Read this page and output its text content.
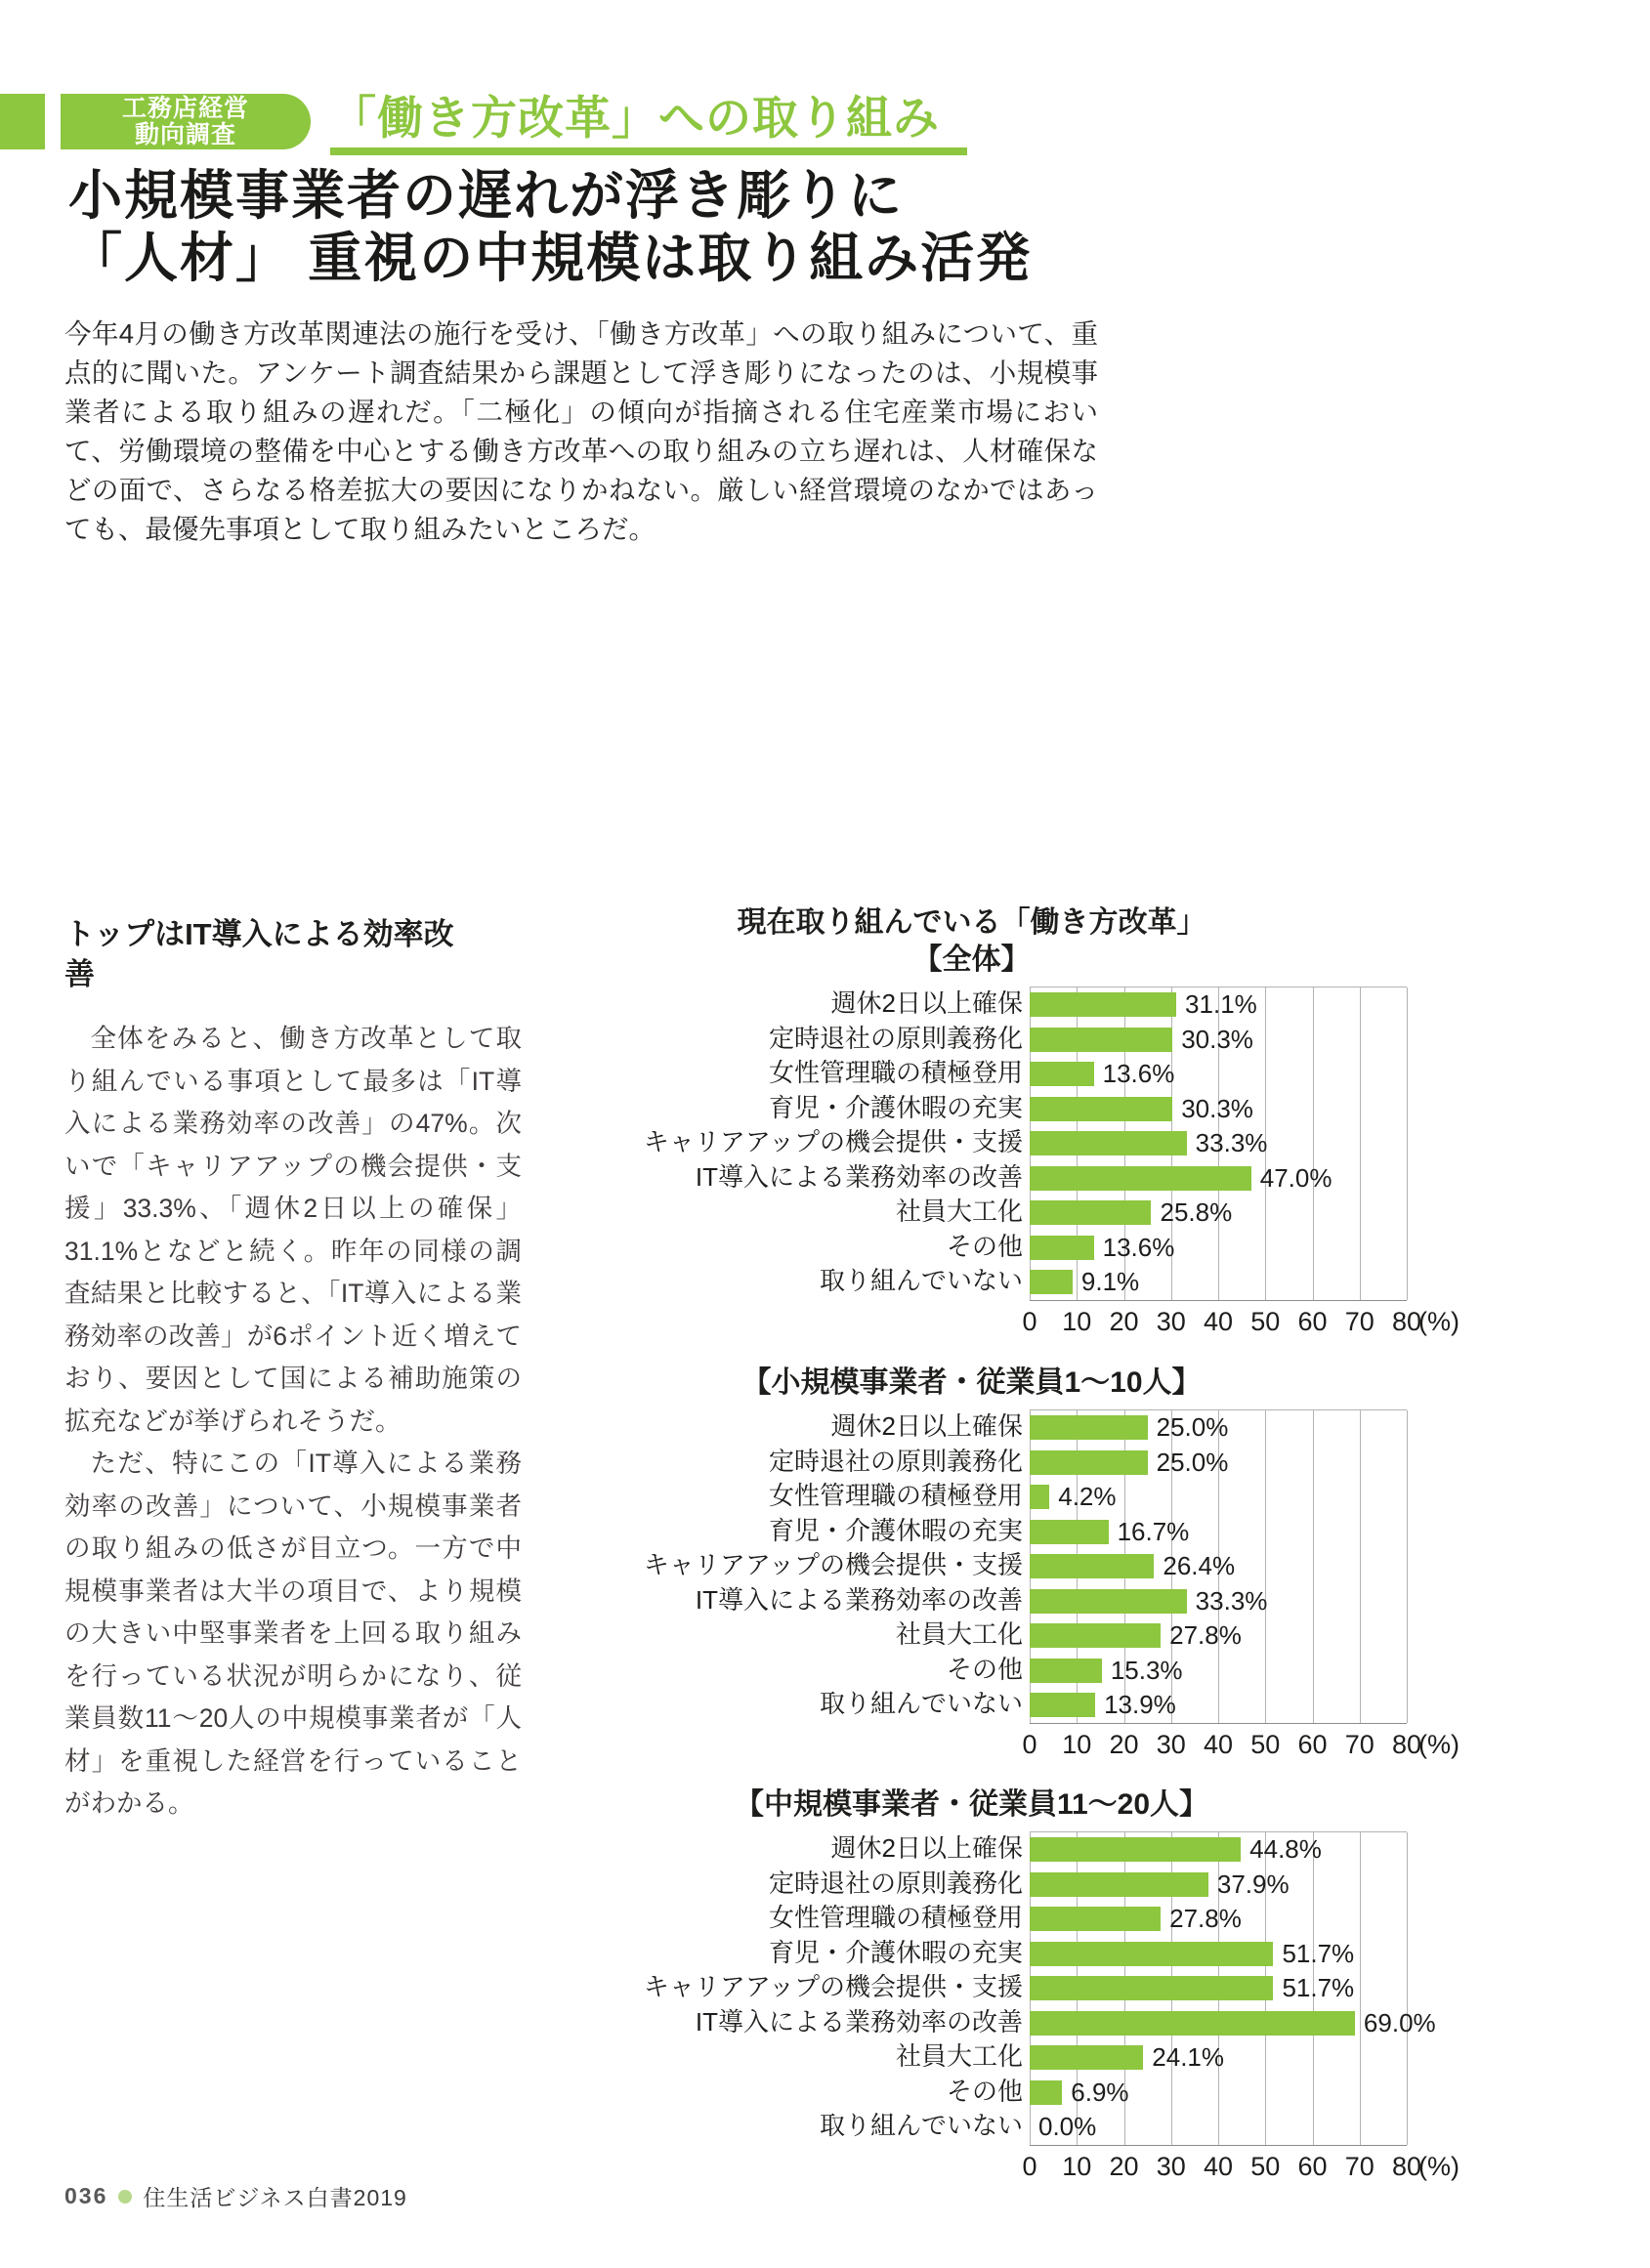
工務店経営
動向調査 「働き方改革」への取り組み
小規模事業者の遅れが浮き彫りに
「人材」 重視の中規模は取り組み活発

今年4月の働き方改革関連法の施行を受け、「働き方改革」への取り組みについて、重点的に聞いた。アンケート調査結果から課題として浮き彫りになったのは、小規模事業者による取り組みの遅れだ。「二極化」の傾向が指摘される住宅産業市場において、労働環境の整備を中心とする働き方改革への取り組みの立ち遅れは、人材確保などの面で、さらなる格差拡大の要因になりかねない。厳しい経営環境のなかではあっても、最優先事項として取り組みたいところだ。

トップはIT導入による効率改善

全体をみると、働き方改革として取り組んでいる事項として最多は「IT導入による業務効率の改善」の47%。次いで「キャリアアップの機会提供・支援」33.3%、「週休2日以上の確保」31.1%となどと続く。昨年の同様の調査結果と比較すると、「IT導入による業務効率の改善」が6ポイント近く増えており、要因として国による補助施策の拡充などが挙げられそうだ。

ただ、特にこの「IT導入による業務効率の改善」について、小規模事業者の取り組みの低さが目立つ。一方で中規模事業者は大半の項目で、より規模の大きい中堅事業者を上回る取り組みを行っている状況が明らかになり、従業員数11〜20人の中規模事業者が「人材」を重視した経営を行っていることがわかる。

現在取り組んでいる「働き方改革」
【全体】
週休2日以上確保
定時退社の原則義務化
女性管理職の積極登用
育児・介護休暇の充実
キャリアアップの機会提供・支援
IT導入による業務効率の改善
社員大工化
その他
取り組んでいない
31.1%
30.3%
13.6%
30.3%
33.3%
47.0%
25.8%
13.6%
9.1%
0 10 20 30 40 50 60 70 80
(%)
【小規模事業者・従業員1〜10人】
週休2日以上確保
定時退社の原則義務化
女性管理職の積極登用
育児・介護休暇の充実
キャリアアップの機会提供・支援
IT導入による業務効率の改善
社員大工化
その他
取り組んでいない
25.0%
25.0%
4.2%
16.7%
26.4%
33.3%
27.8%
15.3%
13.9%
0 10 20 30 40 50 60 70 80
(%)
【中規模事業者・従業員11〜20人】
週休2日以上確保
定時退社の原則義務化
女性管理職の積極登用
育児・介護休暇の充実
キャリアアップの機会提供・支援
IT導入による業務効率の改善
社員大工化
その他
取り組んでいない
44.8%
37.9%
27.8%
51.7%
51.7%
69.0%
24.1%
6.9%
0.0%
0 10 20 30 40 50 60 70 80
(%)
036 住生活ビジネス白書2019
